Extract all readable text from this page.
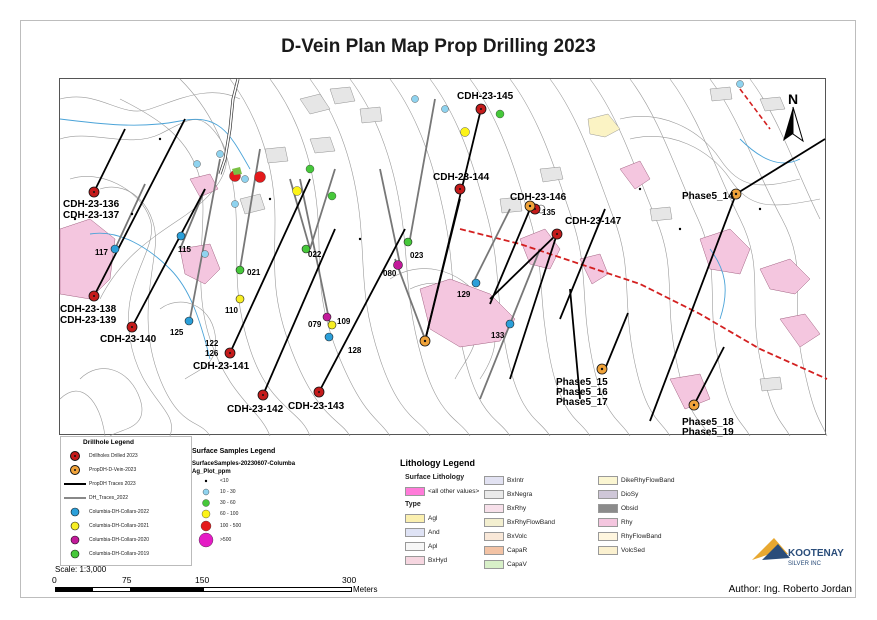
D-Vein Plan Map Prop Drilling 2023
CDH-23-136
CDH-23-137
CDH-23-138
CDH-23-139
CDH-23-140
CDH-23-141
CDH-23-142 CDH-23-143
CDH-23-144
CDH-23-145
CDH-23-146
CDH-23-147
Phase5_14
Phase5_15
Phase5_16
Phase5_17
Phase5_18
Phase5_19
117	115
021
022	023
110
125
122
126
079 109
128
080
129
133
135
N
Drillhole Legend
Drillholes Drilled 2023
PropDH-D-Vein-2023
PropDH Traces 2023
DH_Traces_2022
Columbia-DH-Collars-2022
Columbia-DH-Collars-2021
Columbia-DH-Collars-2020
Columbia-DH-Collars-2019
Surface Samples Legend
SurfaceSamples-20230607-Columba
Ag_Plot_ppm
<10
10 - 30
30 - 60
60 - 100
100 - 500
>500
Lithology Legend
Surface Lithology
<all other values>
Type
Agl
And
Apl
BxHyd
BxIntr
BxNegra
BxRhy
BxRhyFlowBand
BxVolc
CapaR
CapaV
DikeRhyFlowBand
DioSy
Obsid
Rhy
RhyFlowBand
VolcSed
Scale: 1:3,000
0	75	150	300
Meters
KOOTENAY
SILVER INC
Author: Ing. Roberto Jordan
